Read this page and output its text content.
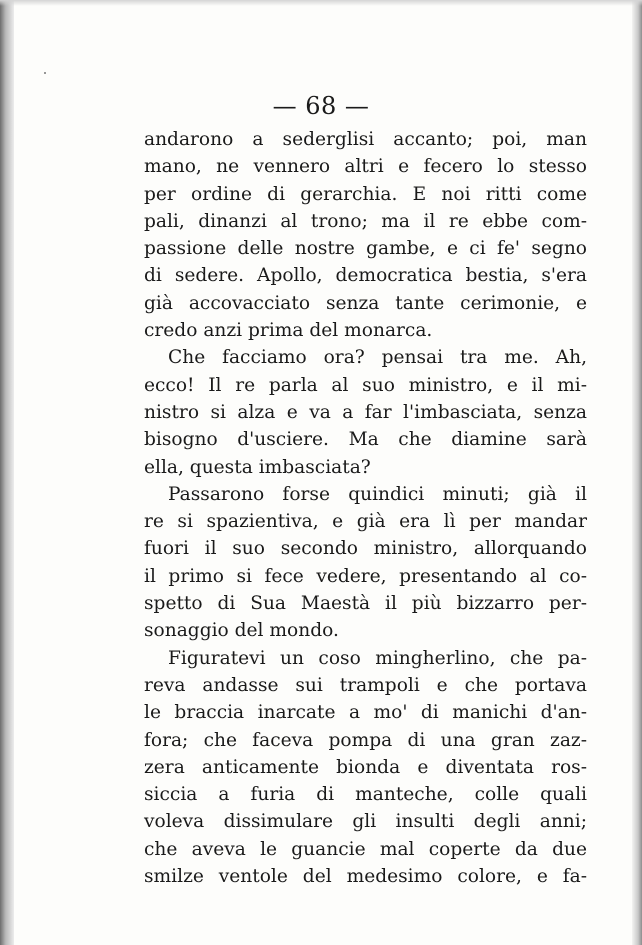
— 68 —
andarono a sederglisi accanto; poi, man
mano, ne vennero altri e fecero lo stesso
per ordine di gerarchia. E noi ritti come
pali, dinanzi al trono; ma il re ebbe com-
passione delle nostre gambe, e ci fe' segno
di sedere. Apollo, democratica bestia, s'era
già accovacciato senza tante cerimonie, e
credo anzi prima del monarca.
Che facciamo ora? pensai tra me. Ah,
ecco! Il re parla al suo ministro, e il mi-
nistro si alza e va a far l'imbasciata, senza
bisogno d'usciere. Ma che diamine sarà
ella, questa imbasciata?
Passarono forse quindici minuti; già il
re si spazientiva, e già era lì per mandar
fuori il suo secondo ministro, allorquando
il primo si fece vedere, presentando al co-
spetto di Sua Maestà il più bizzarro per-
sonaggio del mondo.
Figuratevi un coso mingherlino, che pa-
reva andasse sui trampoli e che portava
le braccia inarcate a mo' di manichi d'an-
fora; che faceva pompa di una gran zaz-
zera anticamente bionda e diventata ros-
siccia a furia di manteche, colle quali
voleva dissimulare gli insulti degli anni;
che aveva le guancie mal coperte da due
smilze ventole del medesimo colore, e fa-
